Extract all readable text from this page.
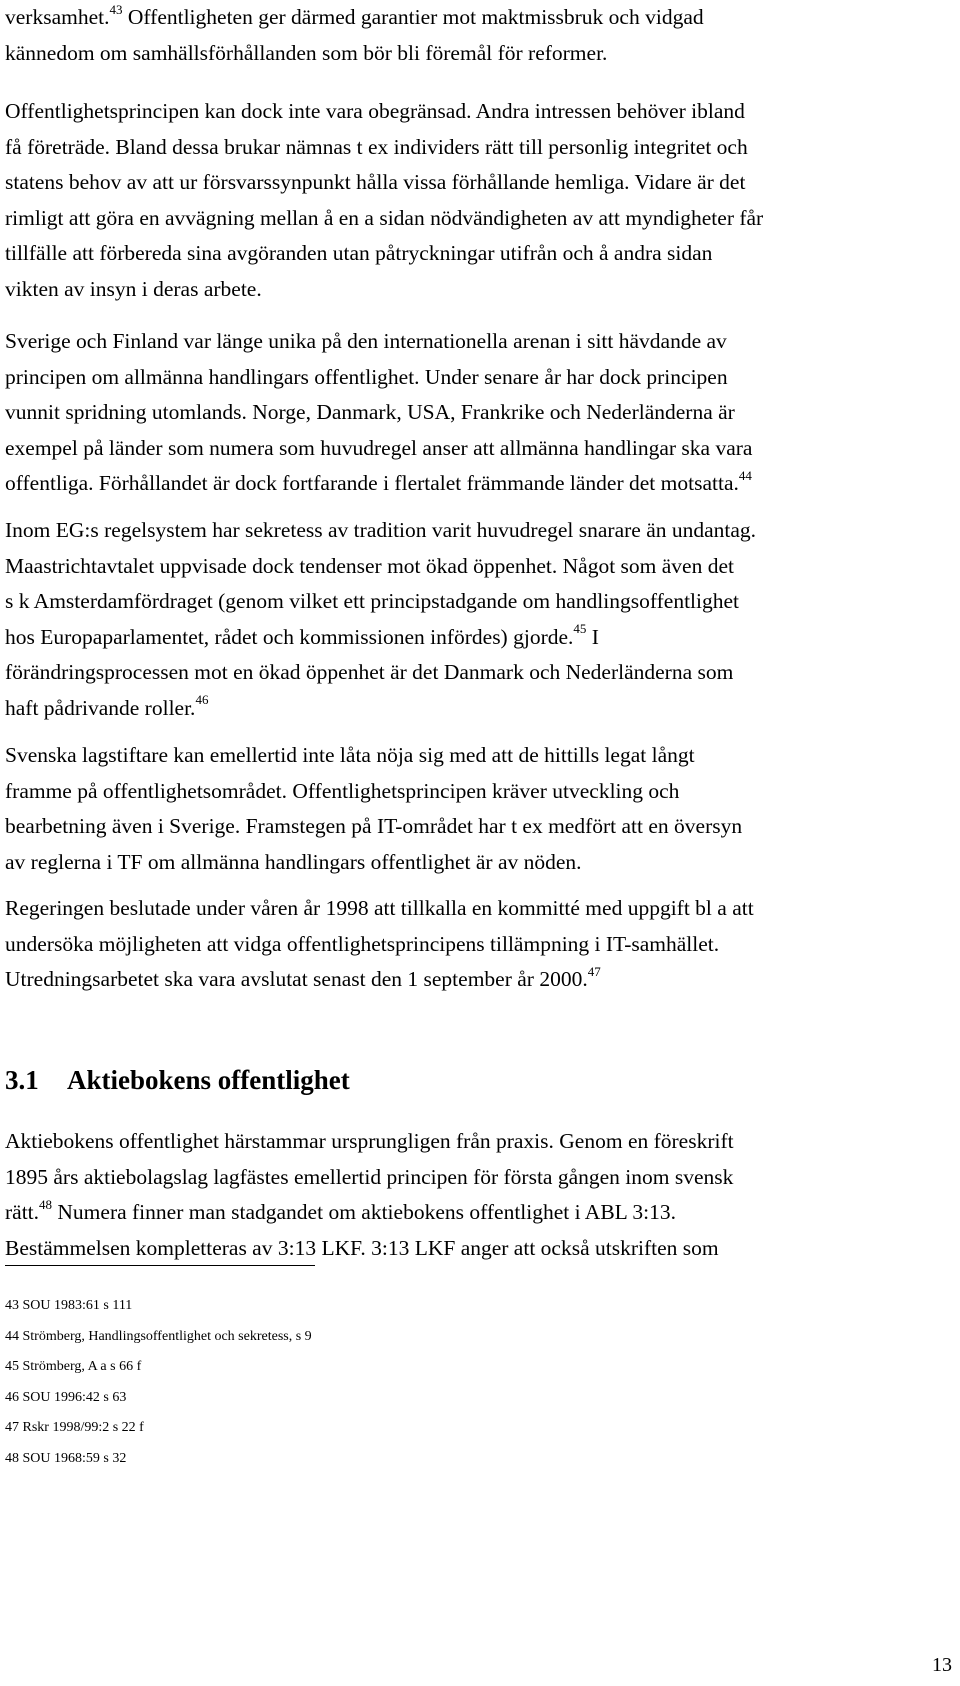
verksamhet.$^{43}$ Offentligheten ger därmed garantier mot maktmissbruk och vidgad

kännedom om samhällsförhållanden som bör bli föremål för reformer.

Offentlighetsprincipen kan dock inte vara obegränsad. Andra intressen behöver ibland

få företräde. Bland dessa brukar nämnas t ex individers rätt till personlig integritet och

statens behov av att ur försvarssynpunkt hålla vissa förhållande hemliga. Vidare är det

rimligt att göra en avvägning mellan å en a sidan nödvändigheten av att myndigheter får

tillfälle att förbereda sina avgöranden utan påtryckningar utifrån och å andra sidan

vikten av insyn i deras arbete.

Sverige och Finland var länge unika på den internationella arenan i sitt hävdande av

principen om allmänna handlingars offentlighet. Under senare år har dock principen

vunnit spridning utomlands. Norge, Danmark, USA, Frankrike och Nederländerna är

exempel på länder som numera som huvudregel anser att allmänna handlingar ska vara

offentliga. Förhållandet är dock fortfarande i flertalet främmande länder det motsatta.$^{44}$

Inom EG:s regelsystem har sekretess av tradition varit huvudregel snarare än undantag.

Maastrichtavtalet uppvisade dock tendenser mot ökad öppenhet. Något som även det

s k Amsterdamfördraget (genom vilket ett principstadgande om handlingsoffentlighet

hos Europaparlamentet, rådet och kommissionen infördes) gjorde.$^{45}$ I

förändringsprocessen mot en ökad öppenhet är det Danmark och Nederländerna som

haft pådrivande roller.$^{46}$

Svenska lagstiftare kan emellertid inte låta nöja sig med att de hittills legat långt

framme på offentlighetsområdet. Offentlighetsprincipen kräver utveckling och

bearbetning även i Sverige. Framstegen på IT-området har t ex medfört att en översyn

av reglerna i TF om allmänna handlingars offentlighet är av nöden.

Regeringen beslutade under våren år 1998 att tillkalla en kommitté med uppgift bl a att

undersöka möjligheten att vidga offentlighetsprincipens tillämpning i IT-samhället.

Utredningsarbetet ska vara avslutat senast den 1 september år 2000.47

3.1 Aktiebokens offentlighet

Aktiebokens offentlighet härstammar ursprungligen från praxis. Genom en föreskrift

1895 års aktiebolagslag lagfästes emellertid principen för första gången inom svensk

rätt.$^{48}$ Numera finner man stadgandet om aktiebokens offentlighet i ABL 3:13.

Bestämmelsen kompletteras av 3:13 LKF. 3:13 LKF anger att också utskriften som

43 SOU 1983:61 s 111

44 Strömberg, Handlingsoffentlighet och sekretess, s 9

45 Strömberg, A a s 66 f

46 SOU 1996:42 s 63

47 Rskr 1998/99:2 s 22 f

48 SOU 1968:59 s 32

13
